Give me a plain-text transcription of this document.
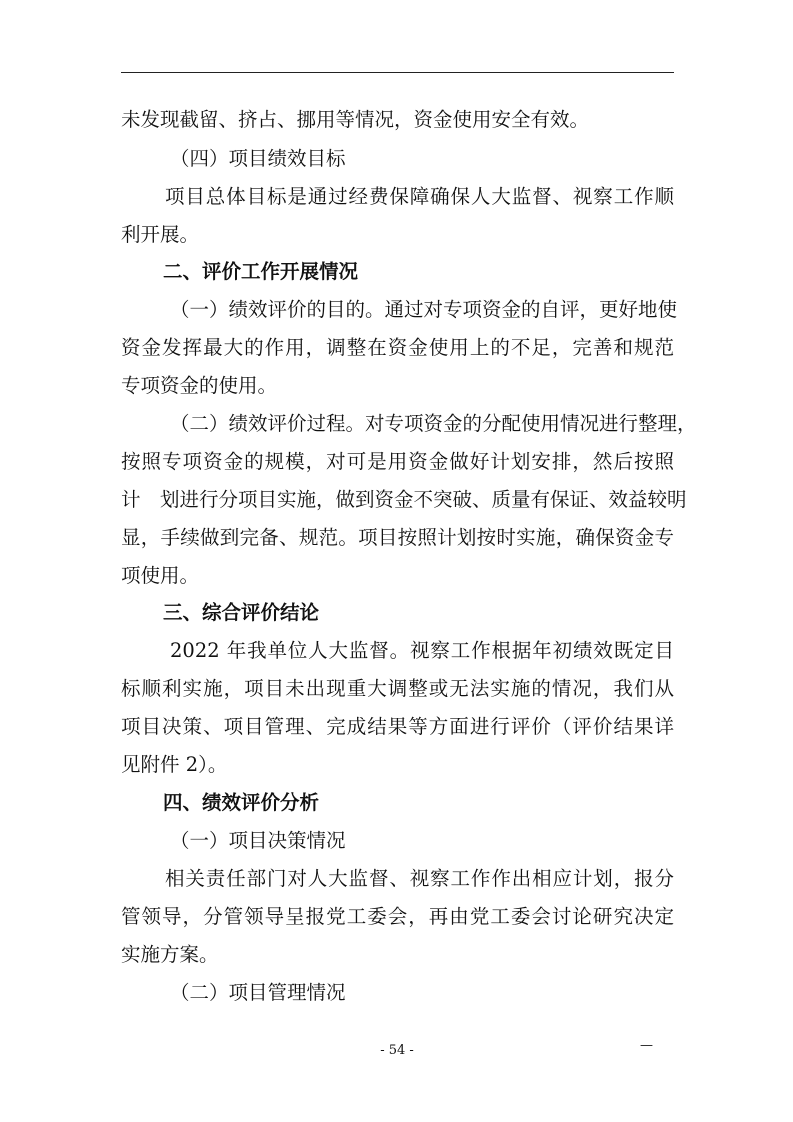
未发现截留、挤占、挪用等情况，资金使用安全有效。
（四）项目绩效目标
项目总体目标是通过经费保障确保人大监督、视察工作顺
利开展。
二、评价工作开展情况
（一）绩效评价的目的。通过对专项资金的自评，更好地使
资金发挥最大的作用，调整在资金使用上的不足，完善和规范
专项资金的使用。
（二）绩效评价过程。对专项资金的分配使用情况进行整理，
按照专项资金的规模，对可是用资金做好计划安排，然后按照
计　划进行分项目实施，做到资金不突破、质量有保证、效益较明
显，手续做到完备、规范。项目按照计划按时实施，确保资金专
项使用。
三、综合评价结论
2022 年我单位人大监督。视察工作根据年初绩效既定目
标顺利实施，项目未出现重大调整或无法实施的情况，我们从
项目决策、项目管理、完成结果等方面进行评价（评价结果详
见附件 2）。
四、绩效评价分析
（一）项目决策情况
相关责任部门对人大监督、视察工作作出相应计划，报分
管领导，分管领导呈报党工委会，再由党工委会讨论研究决定
实施方案。
（二）项目管理情况
- 54 -	—
